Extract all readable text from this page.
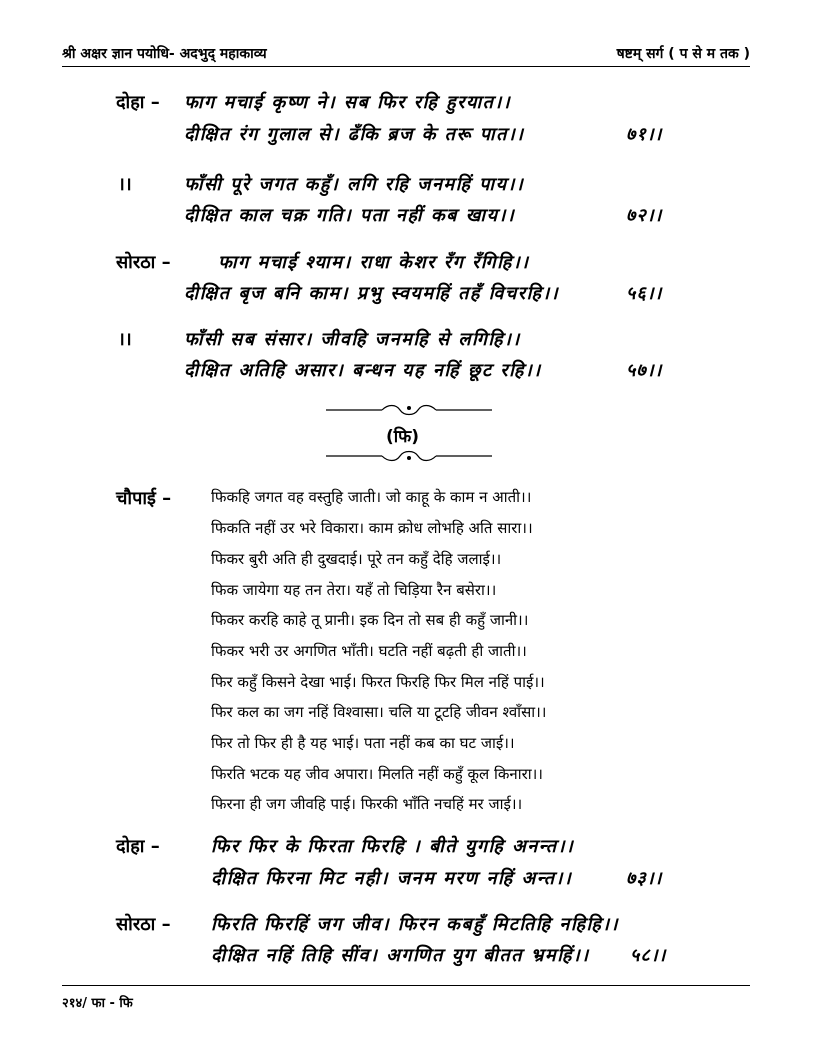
श्री अक्षर ज्ञान पयोधि- अदभुद् महाकाव्य	षष्टम् सर्ग ( प से म तक )
दोहा – फाग मचाई कृष्ण ने। सब फिर रहि हुरयात।।
दीक्षित रंग गुलाल से। ढँकि ब्रज के तरू पात।।	७१।।
।।	फाँसी पूरे जगत कहुँ। लगि रहि जनमहिं पाय।।
दीक्षित काल चक्र गति। पता नहीं कब खाय।।	७२।।
सोरठा –	फाग मचाई श्याम। राधा केशर रँग रँगिहि।।
दीक्षित बृज बनि काम। प्रभु स्वयमहिं तहँ विचरहि।।	५६।।
।।	फाँसी सब संसार। जीवहि जनमहि से लगिहि।।
दीक्षित अतिहि असार। बन्धन यह नहिं छूट रहि।।	५७।।
(फि)
चौपाई –	फिकहि जगत वह वस्तुहि जाती। जो काहू के काम न आती।।
फिकति नहीं उर भरे विकारा। काम क्रोध लोभहि अति सारा।।
फिकर बुरी अति ही दुखदाई। पूरे तन कहुँ देहि जलाई।।
फिक जायेगा यह तन तेरा। यहँ तो चिड़िया रैन बसेरा।।
फिकर करहि काहे तू प्रानी। इक दिन तो सब ही कहुँ जानी।।
फिकर भरी उर अगणित भाँती। घटति नहीं बढ़ती ही जाती।।
फिर कहुँ किसने देखा भाई। फिरत फिरहि फिर मिल नहिं पाई।।
फिर कल का जग नहिं विश्वासा। चलि या टूटहि जीवन श्वाँसा।।
फिर तो फिर ही है यह भाई। पता नहीं कब का घट जाई।।
फिरति भटक यह जीव अपारा। मिलति नहीं कहुँ कूल किनारा।।
फिरना ही जग जीवहि पाई। फिरकी भाँति नचहिं मर जाई।।
दोहा –	फिर फिर के फिरता फिरहि । बीते युगहि अनन्त।।
दीक्षित फिरना मिट नही। जनम मरण नहिं अन्त।।	७३।।
सोरठा – फिरति फिरहिं जग जीव। फिरन कबहुँ मिटतिहि नहिहि।।
दीक्षित नहिं तिहि सींव। अगणित युग बीतत भ्रमहिं।। ५८।।
२१४/ फा - फि
